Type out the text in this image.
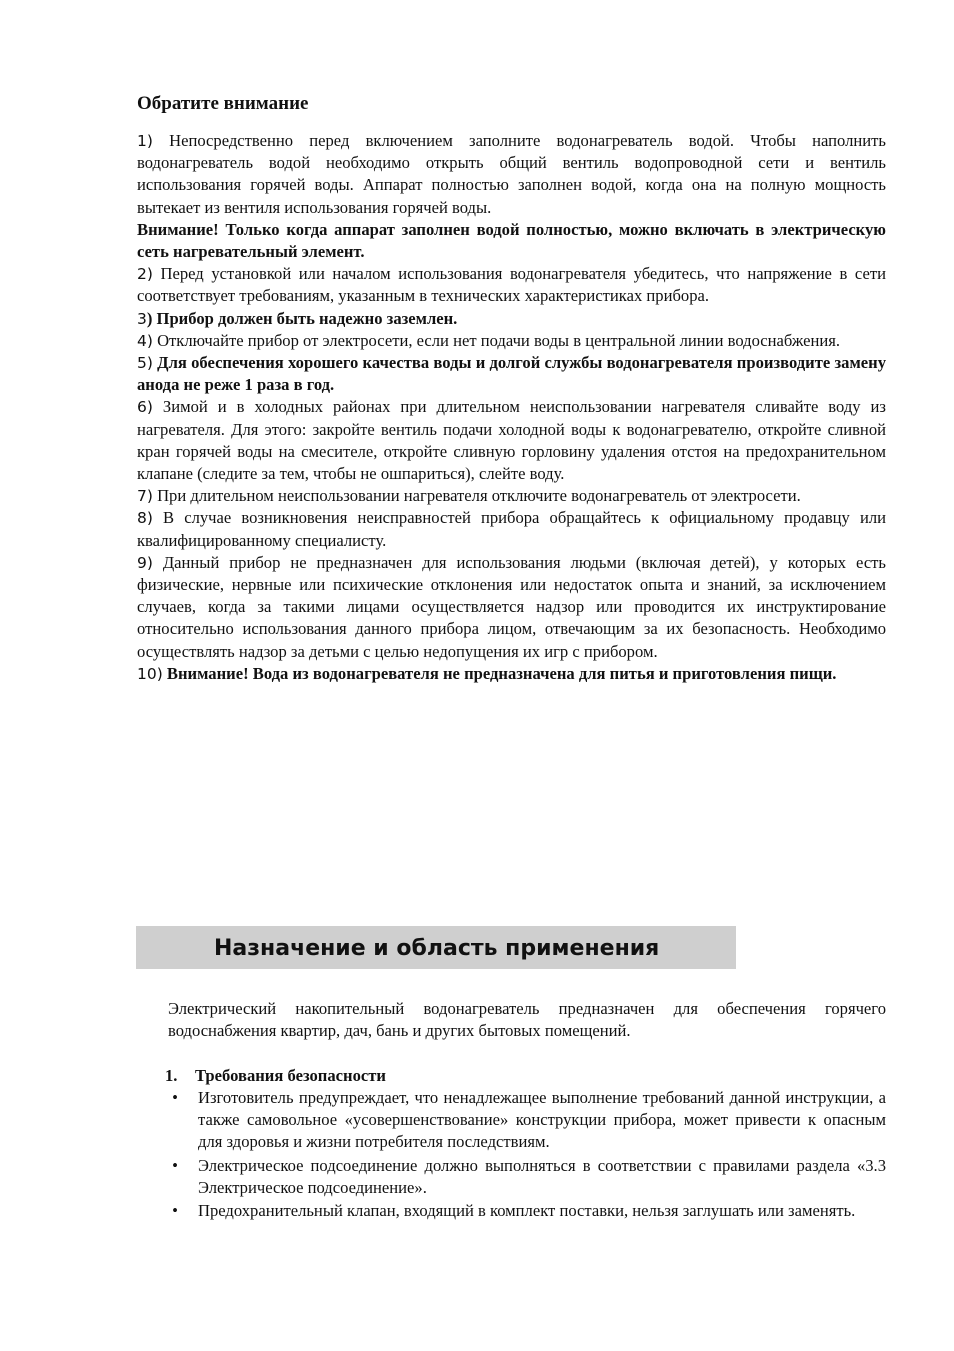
Обратите внимание

1) Непосредственно перед включением заполните водонагреватель водой. Чтобы наполнить водонагреватель водой необходимо открыть общий вентиль водопроводной сети и вентиль использования горячей воды. Аппарат полностью заполнен водой, когда она на полную мощность вытекает из вентиля использования горячей воды.

Внимание! Только когда аппарат заполнен водой полностью, можно включать в электрическую сеть нагревательный элемент.

2) Перед установкой или началом использования водонагревателя убедитесь, что напряжение в сети соответствует требованиям, указанным в технических характеристиках прибора.

3) Прибор должен быть надежно заземлен.

4) Отключайте прибор от электросети, если нет подачи воды в центральной линии водоснабжения.

5) Для обеспечения хорошего качества воды и долгой службы водонагревателя производите замену анода не реже 1 раза в год.

6) Зимой и в холодных районах при длительном неиспользовании нагревателя сливайте воду из нагревателя. Для этого: закройте вентиль подачи холодной воды к водонагревателю, откройте сливной кран горячей воды на смесителе, откройте сливную горловину удаления отстоя на предохранительном клапане (следите за тем, чтобы не ошпариться), слейте воду.

7) При длительном неиспользовании нагревателя отключите водонагреватель от электросети.

8) В случае возникновения неисправностей прибора обращайтесь к официальному продавцу или квалифицированному специалисту.

9) Данный прибор не предназначен для использования людьми (включая детей), у которых есть физические, нервные или психические отклонения или недостаток опыта и знаний, за исключением случаев, когда за такими лицами осуществляется надзор или проводится их инструктирование относительно использования данного прибора лицом, отвечающим за их безопасность. Необходимо осуществлять надзор за детьми с целью недопущения их игр с прибором.

10) Внимание! Вода из водонагревателя не предназначена для питья и приготовления пищи.

Назначение и область применения

Электрический накопительный водонагреватель предназначен для обеспечения горячего водоснабжения квартир, дач, бань и других бытовых помещений.

1. Требования безопасности
• Изготовитель предупреждает, что ненадлежащее выполнение требований данной инструкции, а также самовольное «усовершенствование» конструкции прибора, может привести к опасным для здоровья и жизни потребителя последствиям.
• Электрическое подсоединение должно выполняться в соответствии с правилами раздела «3.3 Электрическое подсоединение».
• Предохранительный клапан, входящий в комплект поставки, нельзя заглушать или заменять.
